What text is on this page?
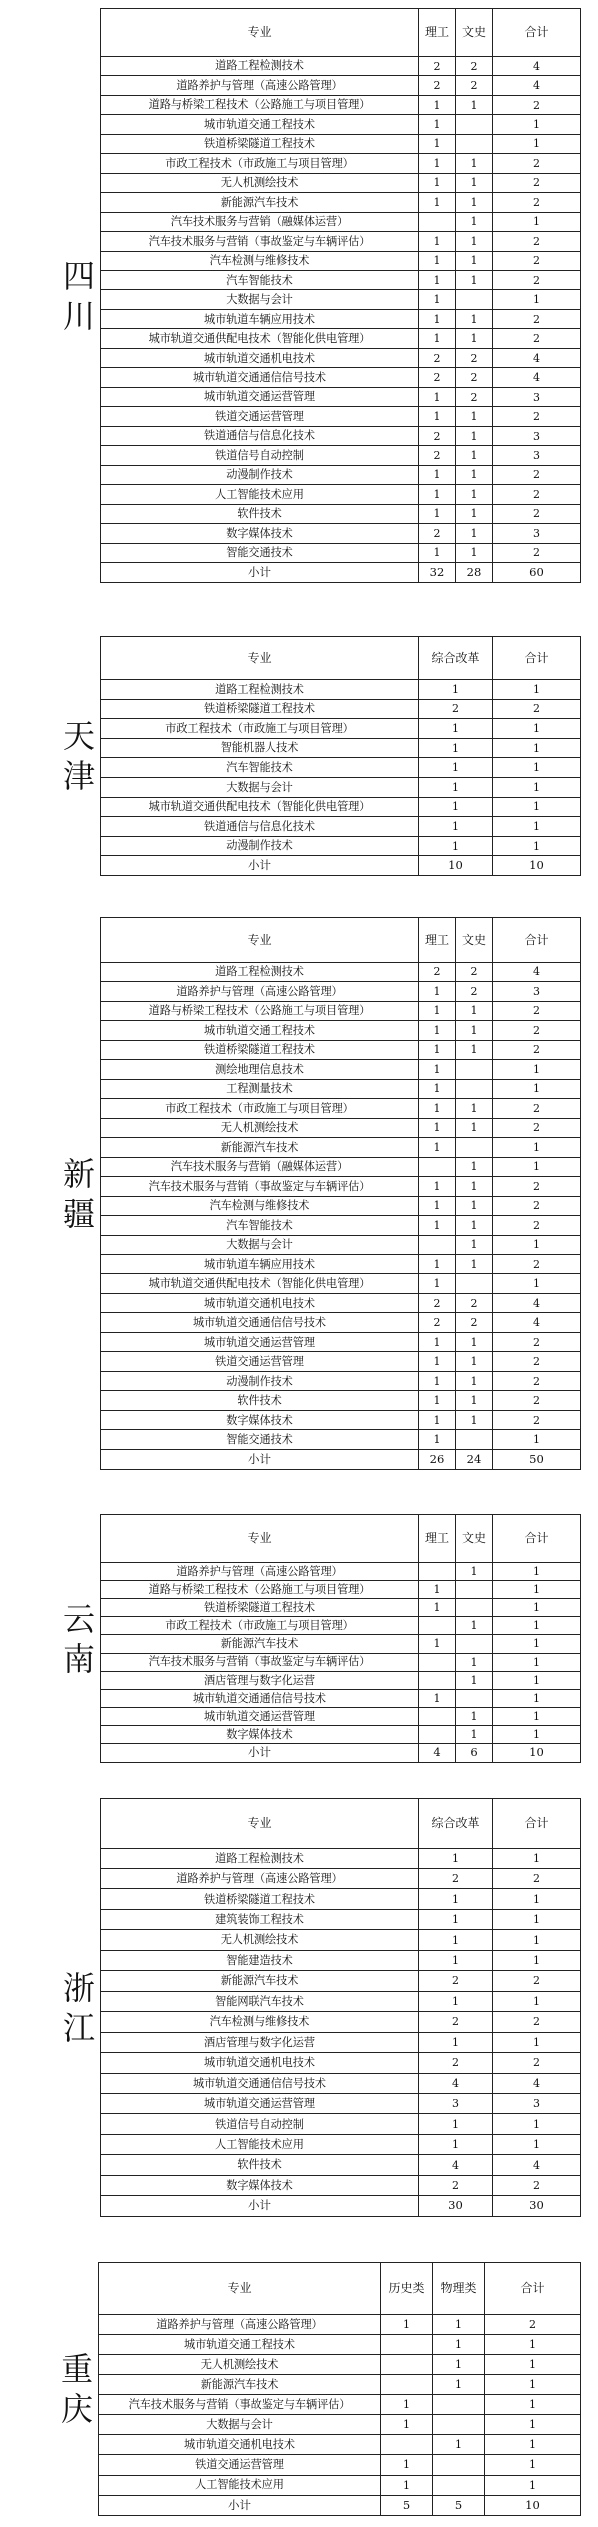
四
川
专业	理工	文史	合计
道路工程检测技术	2	2	4
道路养护与管理（高速公路管理）	2	2	4
道路与桥梁工程技术（公路施工与项目管理）	1	1	2
城市轨道交通工程技术	1		1
铁道桥梁隧道工程技术	1		1
市政工程技术（市政施工与项目管理）	1	1	2
无人机测绘技术	1	1	2
新能源汽车技术	1	1	2
汽车技术服务与营销（融媒体运营）		1	1
汽车技术服务与营销（事故鉴定与车辆评估）	1	1	2
汽车检测与维修技术	1	1	2
汽车智能技术	1	1	2
大数据与会计	1		1
城市轨道车辆应用技术	1	1	2
城市轨道交通供配电技术（智能化供电管理）	1	1	2
城市轨道交通机电技术	2	2	4
城市轨道交通通信信号技术	2	2	4
城市轨道交通运营管理	1	2	3
铁道交通运营管理	1	1	2
铁道通信与信息化技术	2	1	3
铁道信号自动控制	2	1	3
动漫制作技术	1	1	2
人工智能技术应用	1	1	2
软件技术	1	1	2
数字媒体技术	2	1	3
智能交通技术	1	1	2
小计	32	28	60
天
津
专业	综合改革	合计
道路工程检测技术	1	1
铁道桥梁隧道工程技术	2	2
市政工程技术（市政施工与项目管理）	1	1
智能机器人技术	1	1
汽车智能技术	1	1
大数据与会计	1	1
城市轨道交通供配电技术（智能化供电管理）	1	1
铁道通信与信息化技术	1	1
动漫制作技术	1	1
小计	10	10
新
疆
专业	理工	文史	合计
道路工程检测技术	2	2	4
道路养护与管理（高速公路管理）	1	2	3
道路与桥梁工程技术（公路施工与项目管理）	1	1	2
城市轨道交通工程技术	1	1	2
铁道桥梁隧道工程技术	1	1	2
测绘地理信息技术	1		1
工程测量技术	1		1
市政工程技术（市政施工与项目管理）	1	1	2
无人机测绘技术	1	1	2
新能源汽车技术	1		1
汽车技术服务与营销（融媒体运营）		1	1
汽车技术服务与营销（事故鉴定与车辆评估）	1	1	2
汽车检测与维修技术	1	1	2
汽车智能技术	1	1	2
大数据与会计		1	1
城市轨道车辆应用技术	1	1	2
城市轨道交通供配电技术（智能化供电管理）	1		1
城市轨道交通机电技术	2	2	4
城市轨道交通通信信号技术	2	2	4
城市轨道交通运营管理	1	1	2
铁道交通运营管理	1	1	2
动漫制作技术	1	1	2
软件技术	1	1	2
数字媒体技术	1	1	2
智能交通技术	1		1
小计	26	24	50
云
南
专业	理工	文史	合计
道路养护与管理（高速公路管理）		1	1
道路与桥梁工程技术（公路施工与项目管理）	1		1
铁道桥梁隧道工程技术	1		1
市政工程技术（市政施工与项目管理）		1	1
新能源汽车技术	1		1
汽车技术服务与营销（事故鉴定与车辆评估）		1	1
酒店管理与数字化运营		1	1
城市轨道交通通信信号技术	1		1
城市轨道交通运营管理		1	1
数字媒体技术		1	1
小计	4	6	10
浙
江
专业	综合改革	合计
道路工程检测技术	1	1
道路养护与管理（高速公路管理）	2	2
铁道桥梁隧道工程技术	1	1
建筑装饰工程技术	1	1
无人机测绘技术	1	1
智能建造技术	1	1
新能源汽车技术	2	2
智能网联汽车技术	1	1
汽车检测与维修技术	2	2
酒店管理与数字化运营	1	1
城市轨道交通机电技术	2	2
城市轨道交通通信信号技术	4	4
城市轨道交通运营管理	3	3
铁道信号自动控制	1	1
人工智能技术应用	1	1
软件技术	4	4
数字媒体技术	2	2
小计	30	30
重
庆
专业	历史类	物理类	合计
道路养护与管理（高速公路管理）	1	1	2
城市轨道交通工程技术		1	1
无人机测绘技术		1	1
新能源汽车技术		1	1
汽车技术服务与营销（事故鉴定与车辆评估）	1		1
大数据与会计	1		1
城市轨道交通机电技术		1	1
铁道交通运营管理	1		1
人工智能技术应用	1		1
小计	5	5	10
